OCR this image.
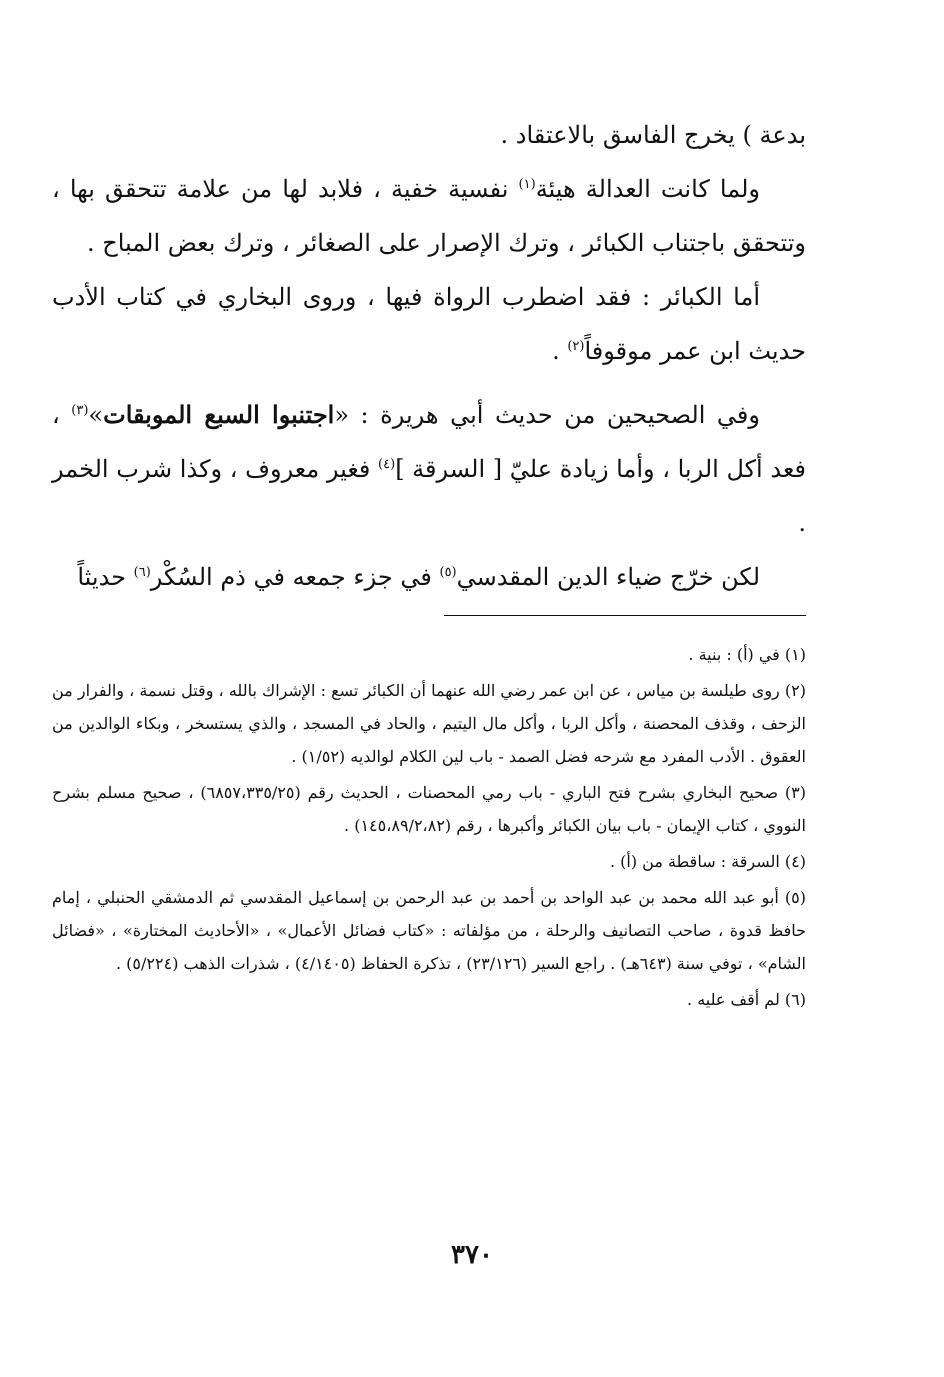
بدعة ) يخرج الفاسق بالاعتقاد .

ولما كانت العدالة هيئة$^{(١)}$ نفسية خفية ، فلابد لها من علامة تتحقق بها ، وتتحقق باجتناب الكبائر ، وترك الإصرار على الصغائر ، وترك بعض المباح .

أما الكبائر : فقد اضطرب الرواة فيها ، وروى البخاري في كتاب الأدب حديث ابن عمر موقوفاً$^{(٢)}$ .

وفي الصحيحين من حديث أبي هريرة : «اجتنبوا السبع الموبقات»$^{(٣)}$ ، فعد أكل الربا ، وأما زيادة عليّ [ السرقة ]$^{(٤)}$ فغير معروف ، وكذا شرب الخمر .

لكن خرّج ضياء الدين المقدسي$^{(٥)}$ في جزء جمعه في ذم السُكْر$^{(٦)}$ حديثاً

(١) في (أ) : بنية .

(٢) روى طيلسة بن مياس ، عن ابن عمر رضي الله عنهما أن الكبائر تسع : الإشراك بالله ، وقتل نسمة ، والفرار من الزحف ، وقذف المحصنة ، وأكل الربا ، وأكل مال اليتيم ، والحاد في المسجد ، والذي يستسخر ، وبكاء الوالدين من العقوق . الأدب المفرد مع شرحه فضل الصمد - باب لين الكلام لوالديه (١/٥٢) .

(٣) صحيح البخاري بشرح فتح الباري - باب رمي المحصنات ، الحديث رقم (٦٨٥٧،٣٣٥/٢٥) ، صحيح مسلم بشرح النووي ، كتاب الإيمان - باب بيان الكبائر وأكبرها ، رقم (١٤٥،٨٩/٢،٨٢) .

(٤) السرقة : ساقطة من (أ) .

(٥) أبو عبد الله محمد بن عبد الواحد بن أحمد بن عبد الرحمن بن إسماعيل المقدسي ثم الدمشقي الحنبلي ، إمام حافظ قدوة ، صاحب التصانيف والرحلة ، من مؤلفاته : «كتاب فضائل الأعمال» ، «الأحاديث المختارة» ، «فضائل الشام» ، توفي سنة (٦٤٣هـ) . راجع السير (٢٣/١٢٦) ، تذكرة الحفاظ (٤/١٤٠٥) ، شذرات الذهب (٥/٢٢٤) .

(٦) لم أقف عليه .

٣٧٠
